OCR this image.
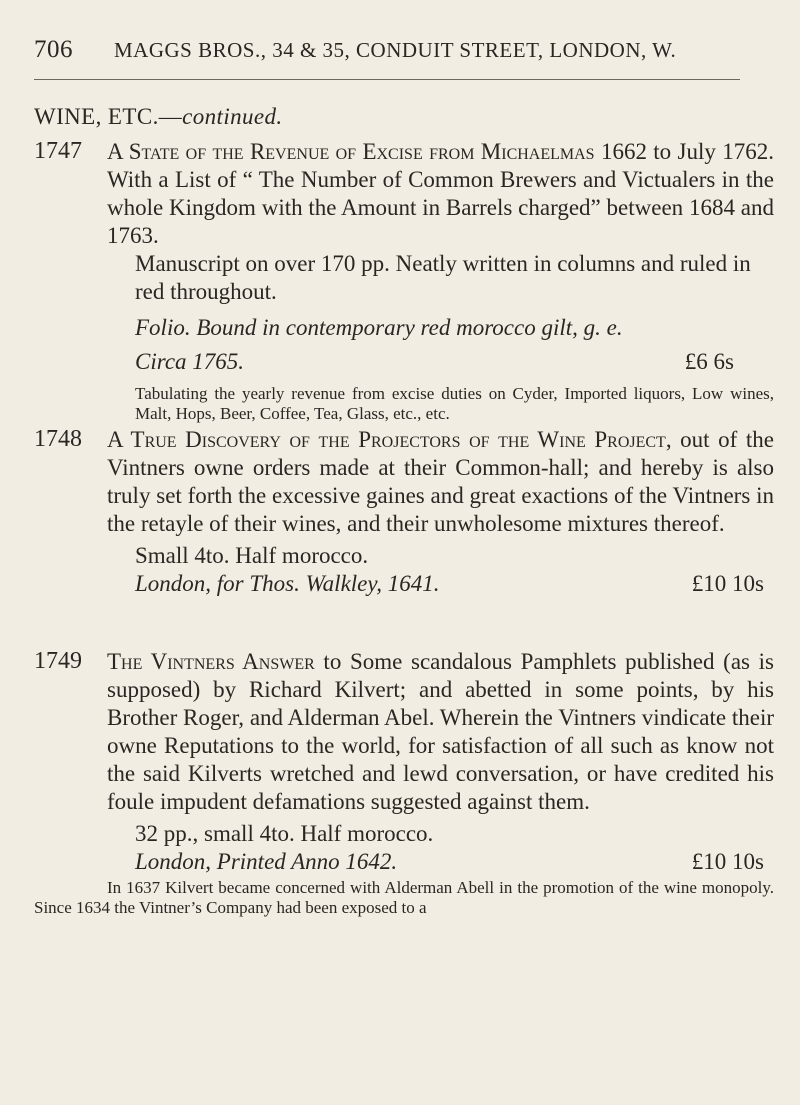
706	MAGGS BROS., 34 & 35, CONDUIT STREET, LONDON, W.
WINE, ETC.—continued.
1747 A State of the Revenue of Excise from Michaelmas 1662 to July 1762. With a List of “ The Number of Common Brewers and Victualers in the whole Kingdom with the Amount in Barrels charged” between 1684 and 1763.

Manuscript on over 170 pp. Neatly written in columns and ruled in red throughout.

Folio. Bound in contemporary red morocco gilt, g. e.

Circa 1765.	£6 6s

Tabulating the yearly revenue from excise duties on Cyder, Imported liquors, Low wines, Malt, Hops, Beer, Coffee, Tea, Glass, etc., etc.

1748 A True Discovery of the Projectors of the Wine Project, out of the Vintners owne orders made at their Common-hall; and hereby is also truly set forth the excessive gaines and great exactions of the Vintners in the retayle of their wines, and their unwholesome mixtures thereof.

Small 4to. Half morocco.

London, for Thos. Walkley, 1641.	£10 10s

1749 The Vintners Answer to Some scandalous Pamphlets published (as is supposed) by Richard Kilvert; and abetted in some points, by his Brother Roger, and Alderman Abel. Wherein the Vintners vindicate their owne Reputations to the world, for satisfaction of all such as know not the said Kilverts wretched and lewd conversation, or have credited his foule impudent defamations suggested against them.

32 pp., small 4to. Half morocco.

London, Printed Anno 1642.	£10 10s

In 1637 Kilvert became concerned with Alderman Abell in the promotion of the wine monopoly. Since 1634 the Vintner’s Company had been exposed to a
